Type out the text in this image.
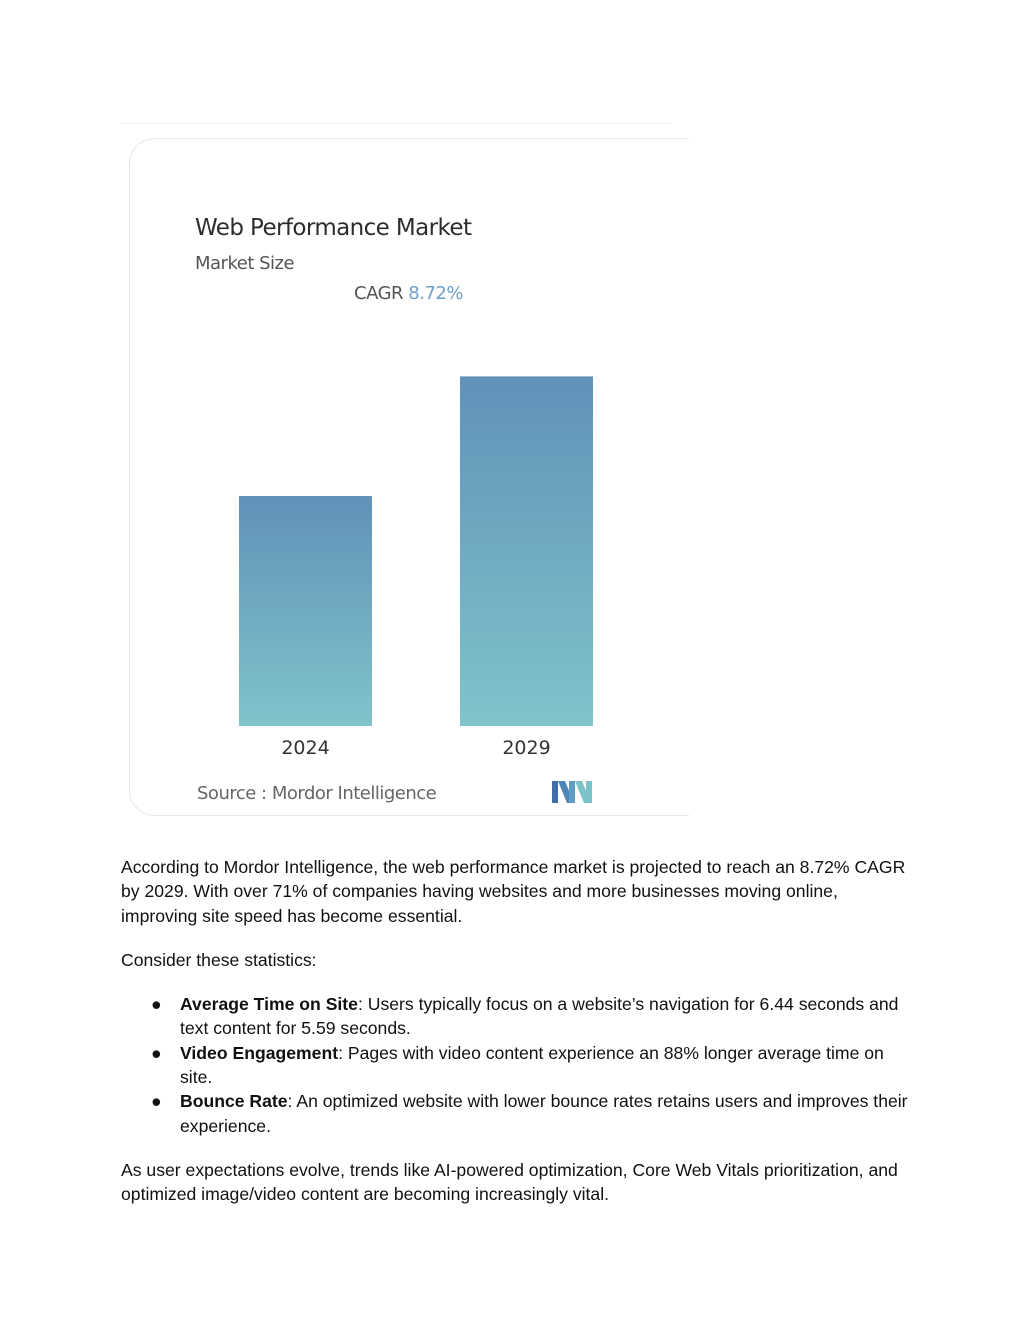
Web Performance Market
Market Size
CAGR 8.72%
2024	2029
Source : Mordor Intelligence

According to Mordor Intelligence, the web performance market is projected to reach an 8.72% CAGR by 2029. With over 71% of companies having websites and more businesses moving online, improving site speed has become essential.

Consider these statistics:

● Average Time on Site: Users typically focus on a website’s navigation for 6.44 seconds and text content for 5.59 seconds.
● Video Engagement: Pages with video content experience an 88% longer average time on site.
● Bounce Rate: An optimized website with lower bounce rates retains users and improves their experience.

As user expectations evolve, trends like AI-powered optimization, Core Web Vitals prioritization, and optimized image/video content are becoming increasingly vital.
